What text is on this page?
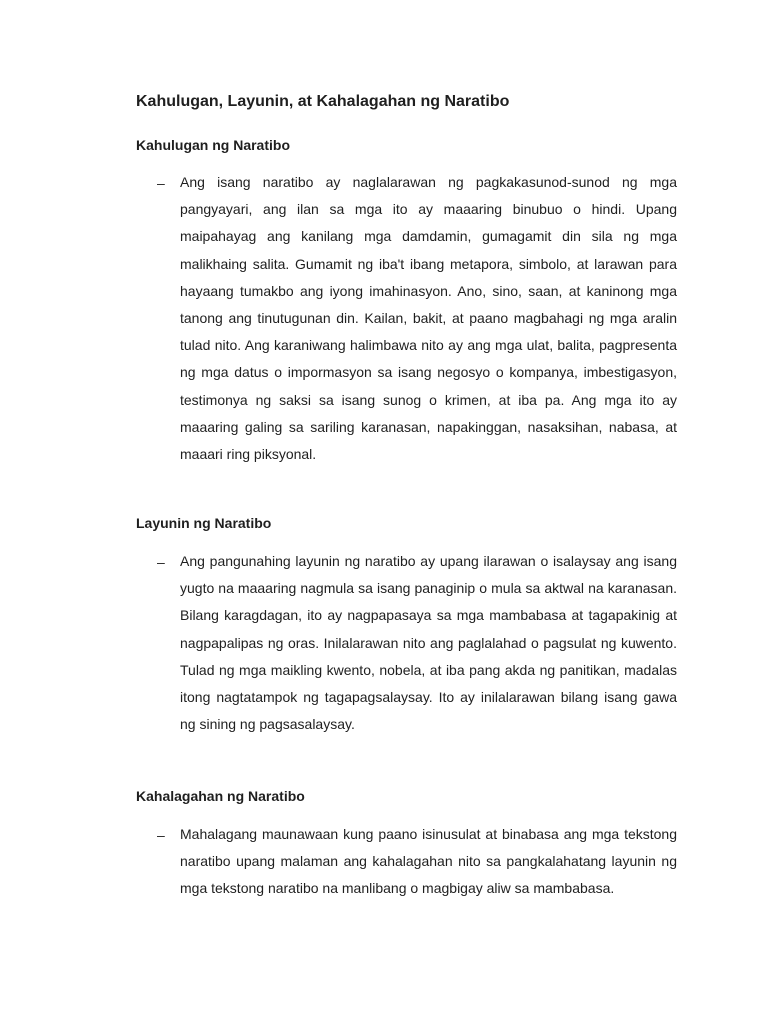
Kahulugan, Layunin, at Kahalagahan ng Naratibo
Kahulugan ng Naratibo
– Ang isang naratibo ay naglalarawan ng pagkakasunod-sunod ng mga pangyayari, ang ilan sa mga ito ay maaaring binubuo o hindi. Upang maipahayag ang kanilang mga damdamin, gumagamit din sila ng mga malikhaing salita. Gumamit ng iba't ibang metapora, simbolo, at larawan para hayaang tumakbo ang iyong imahinasyon. Ano, sino, saan, at kaninong mga tanong ang tinutugunan din. Kailan, bakit, at paano magbahagi ng mga aralin tulad nito. Ang karaniwang halimbawa nito ay ang mga ulat, balita, pagpresenta ng mga datus o impormasyon sa isang negosyo o kompanya, imbestigasyon, testimonya ng saksi sa isang sunog o krimen, at iba pa. Ang mga ito ay maaaring galing sa sariling karanasan, napakinggan, nasaksihan, nabasa, at maaari ring piksyonal.

Layunin ng Naratibo
– Ang pangunahing layunin ng naratibo ay upang ilarawan o isalaysay ang isang yugto na maaaring nagmula sa isang panaginip o mula sa aktwal na karanasan. Bilang karagdagan, ito ay nagpapasaya sa mga mambabasa at tagapakinig at nagpapalipas ng oras. Inilalarawan nito ang paglalahad o pagsulat ng kuwento. Tulad ng mga maikling kwento, nobela, at iba pang akda ng panitikan, madalas itong nagtatampok ng tagapagsalaysay. Ito ay inilalarawan bilang isang gawa ng sining ng pagsasalaysay.

Kahalagahan ng Naratibo
– Mahalagang maunawaan kung paano isinusulat at binabasa ang mga tekstong naratibo upang malaman ang kahalagahan nito sa pangkalahatang layunin ng mga tekstong naratibo na manlibang o magbigay aliw sa mambabasa.
